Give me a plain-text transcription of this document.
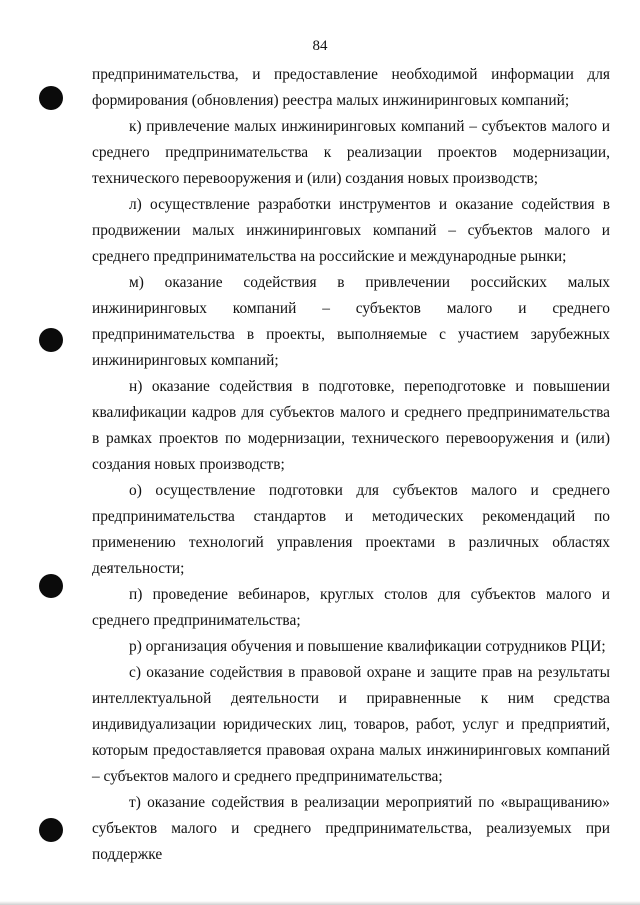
84

предпринимательства, и предоставление необходимой информации для формирования (обновления) реестра малых инжиниринговых компаний;

к) привлечение малых инжиниринговых компаний – субъектов малого и среднего предпринимательства к реализации проектов модернизации, технического перевооружения и (или) создания новых производств;

л) осуществление разработки инструментов и оказание содействия в продвижении малых инжиниринговых компаний – субъектов малого и среднего предпринимательства на российские и международные рынки;

м) оказание содействия в привлечении российских малых инжиниринговых компаний – субъектов малого и среднего предпринимательства в проекты, выполняемые с участием зарубежных инжиниринговых компаний;

н) оказание содействия в подготовке, переподготовке и повышении квалификации кадров для субъектов малого и среднего предпринимательства в рамках проектов по модернизации, технического перевооружения и (или) создания новых производств;

о) осуществление подготовки для субъектов малого и среднего предпринимательства стандартов и методических рекомендаций по применению технологий управления проектами в различных областях деятельности;

п) проведение вебинаров, круглых столов для субъектов малого и среднего предпринимательства;

р) организация обучения и повышение квалификации сотрудников РЦИ;

с) оказание содействия в правовой охране и защите прав на результаты интеллектуальной деятельности и приравненные к ним средства индивидуализации юридических лиц, товаров, работ, услуг и предприятий, которым предоставляется правовая охрана малых инжиниринговых компаний – субъектов малого и среднего предпринимательства;

т) оказание содействия в реализации мероприятий по «выращиванию» субъектов малого и среднего предпринимательства, реализуемых при поддержке
